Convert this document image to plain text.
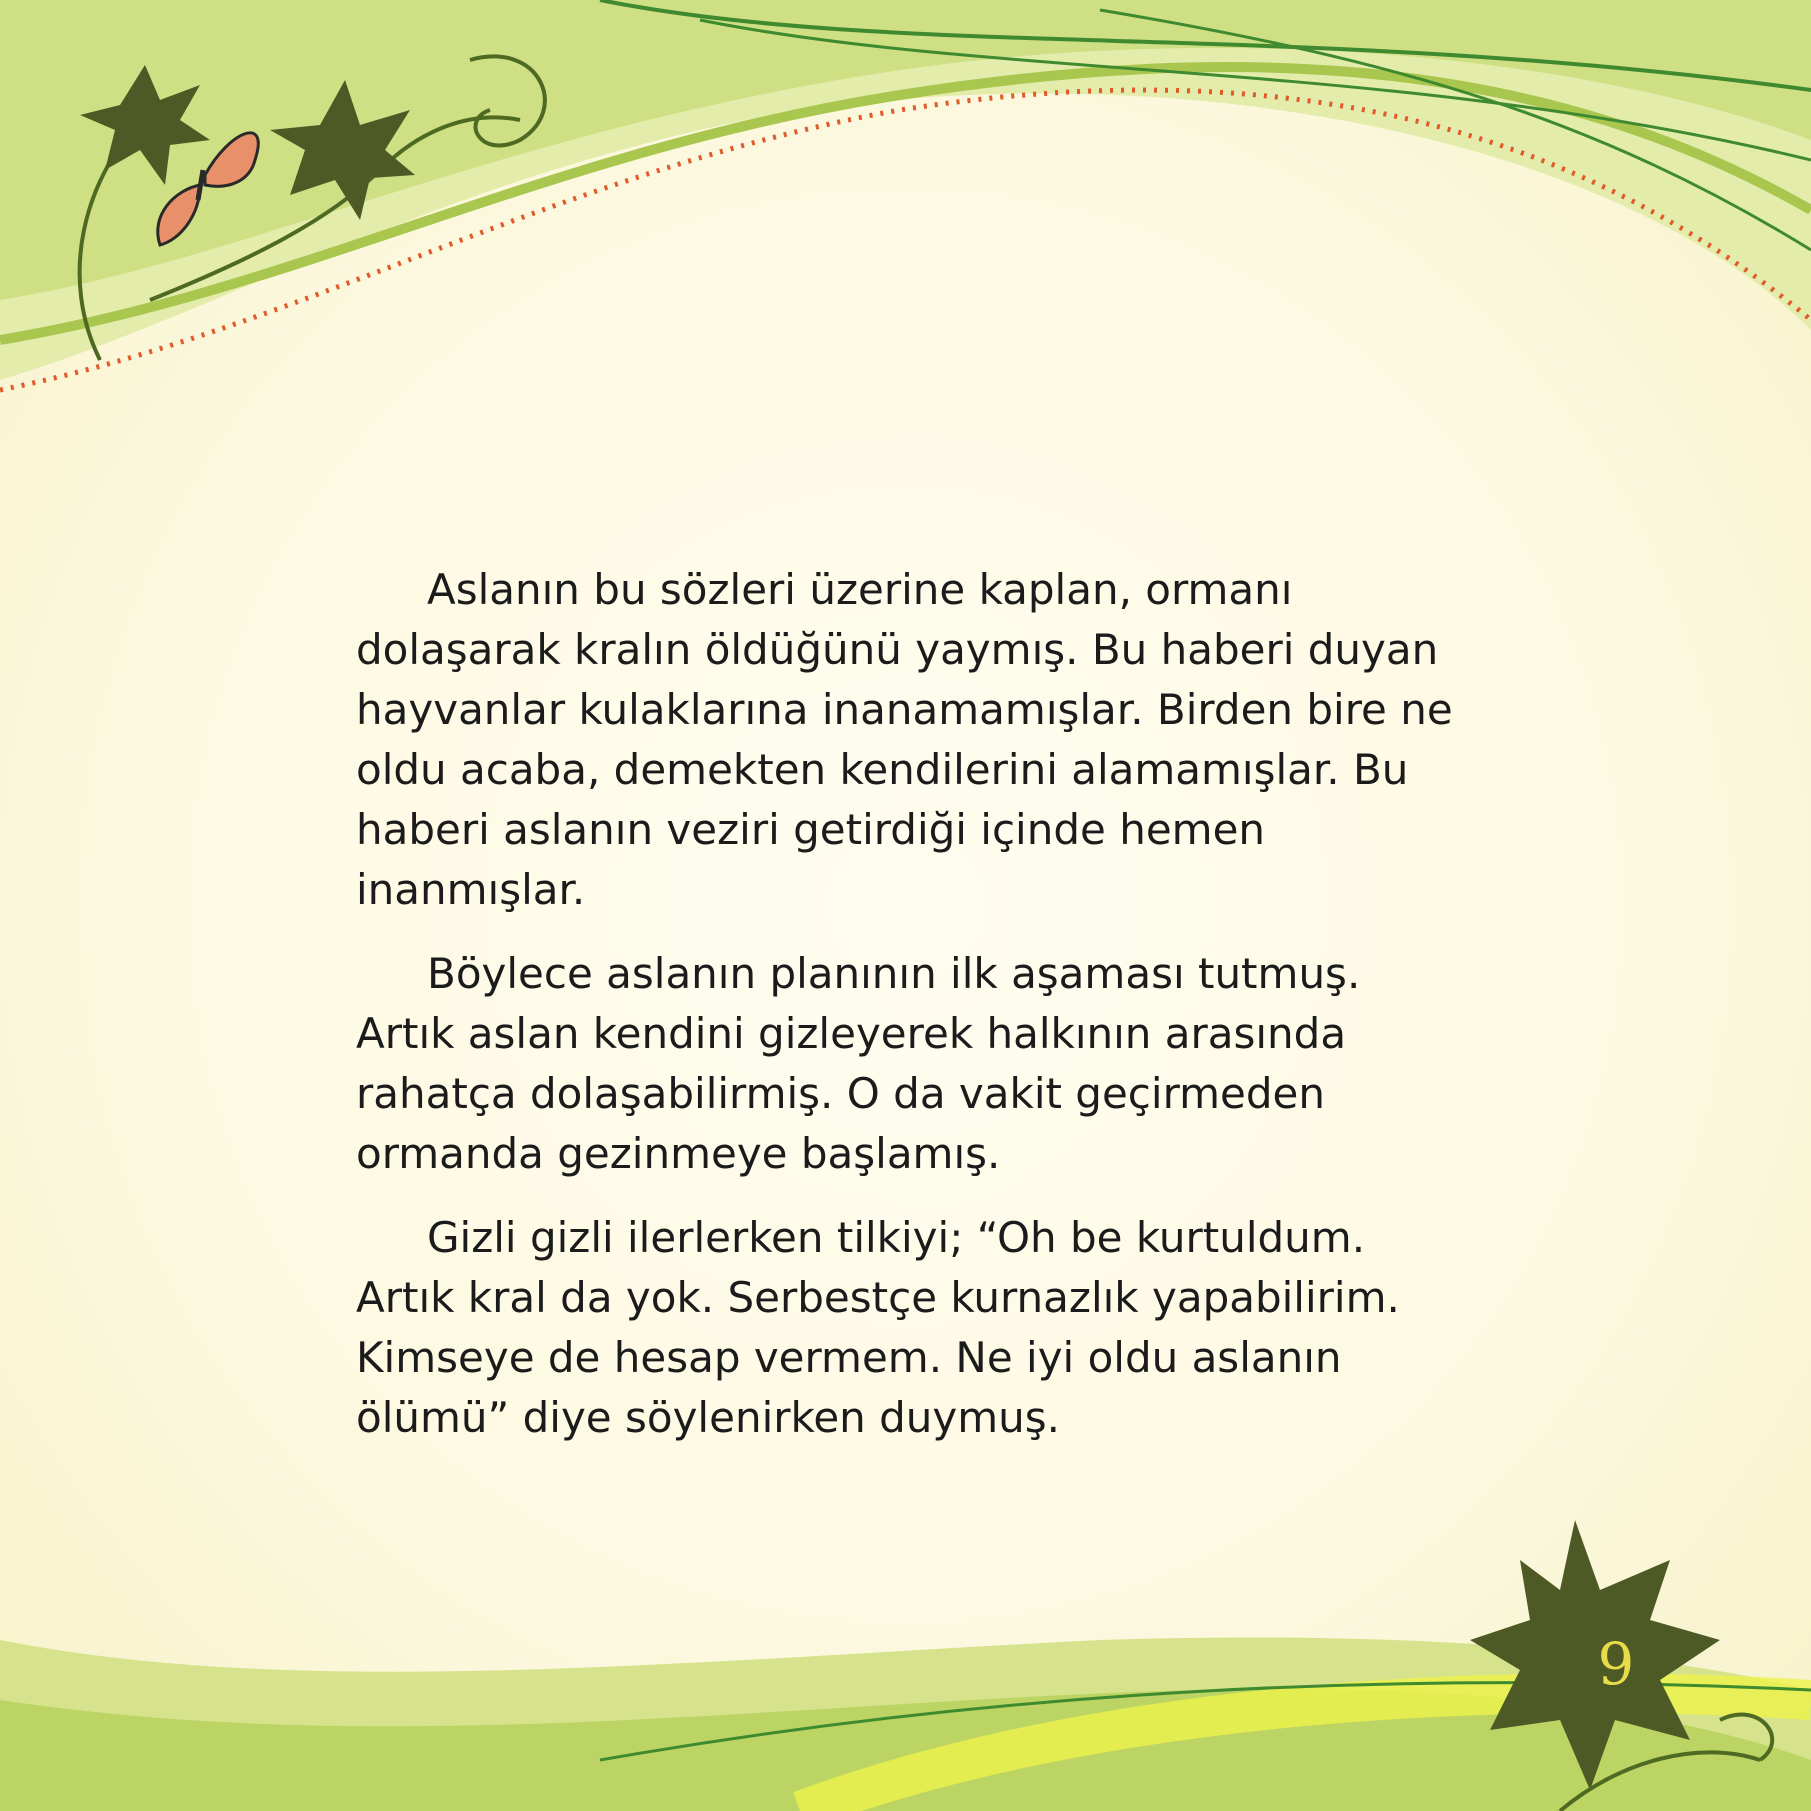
Aslanın bu sözleri üzerine kaplan, ormanı dolaşarak kralın öldüğünü yaymış. Bu haberi duyan hayvanlar kulaklarına inanamamışlar. Birden bire ne oldu acaba, demekten kendilerini alamamışlar. Bu haberi aslanın veziri getirdiği içinde hemen inanmışlar.

Böylece aslanın planının ilk aşaması tutmuş. Artık aslan kendini gizleyerek halkının arasında rahatça dolaşabilirmiş. O da vakit geçirmeden ormanda gezinmeye başlamış.

Gizli gizli ilerlerken tilkiyi; “Oh be kurtuldum. Artık kral da yok. Serbestçe kurnazlık yapabilirim. Kimseye de hesap vermem. Ne iyi oldu aslanın ölümü” diye söylenirken duymuş.

9
